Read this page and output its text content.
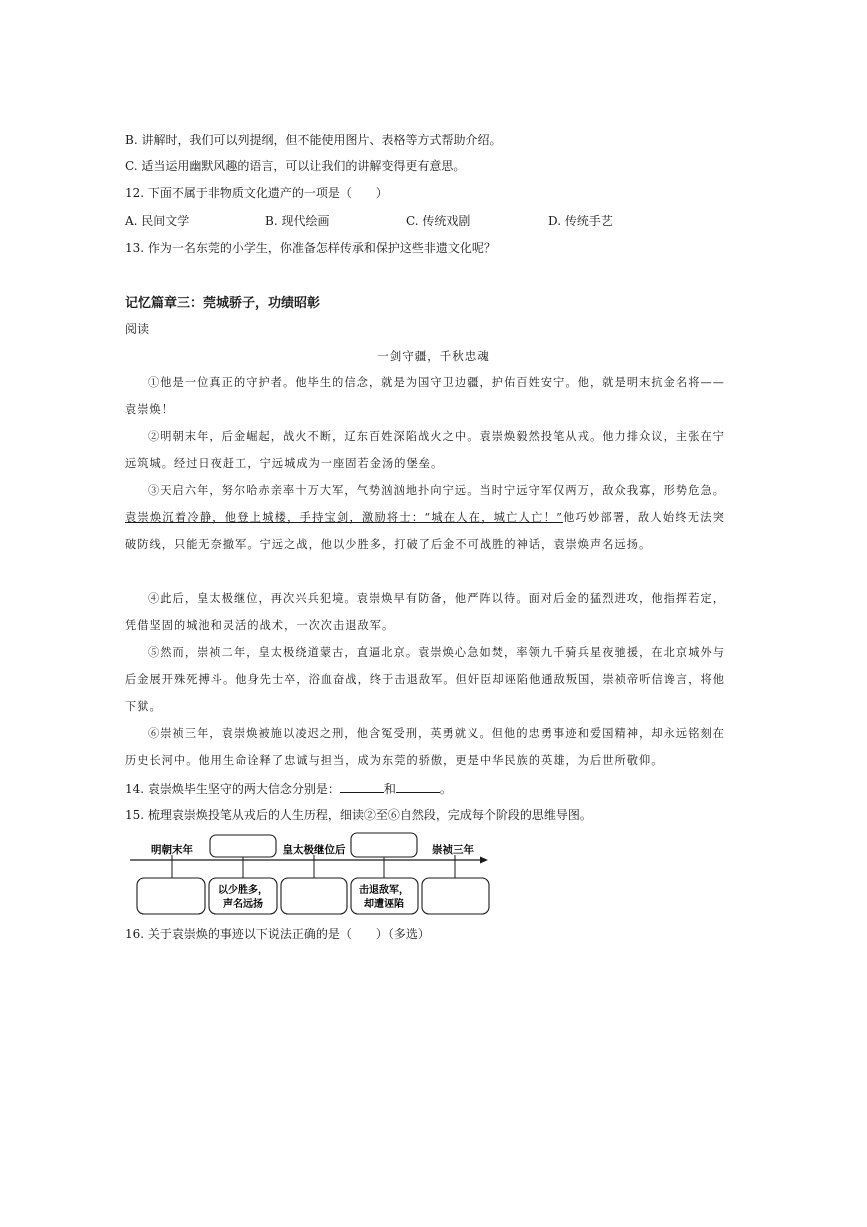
B. 讲解时，我们可以列提纲，但不能使用图片、表格等方式帮助介绍。
C. 适当运用幽默风趣的语言，可以让我们的讲解变得更有意思。
12. 下面不属于非物质文化遗产的一项是（　　）
A. 民间文学	B. 现代绘画	C. 传统戏剧	D. 传统手艺
13. 作为一名东莞的小学生，你准备怎样传承和保护这些非遗文化呢？
记忆篇章三：莞城骄子，功绩昭彰
阅读
一剑守疆，千秋忠魂
①他是一位真正的守护者。他毕生的信念，就是为国守卫边疆，护佑百姓安宁。他，就是明末抗金名将——袁崇焕！
②明朝末年，后金崛起，战火不断，辽东百姓深陷战火之中。袁崇焕毅然投笔从戎。他力排众议，主张在宁远筑城。经过日夜赶工，宁远城成为一座固若金汤的堡垒。
③天启六年，努尔哈赤亲率十万大军，气势汹汹地扑向宁远。当时宁远守军仅两万，敌众我寡，形势危急。袁崇焕沉着冷静，他登上城楼，手持宝剑，激励将士：“城在人在，城亡人亡！”他巧妙部署，敌人始终无法突破防线，只能无奈撤军。宁远之战，他以少胜多，打破了后金不可战胜的神话，袁崇焕声名远扬。
④此后，皇太极继位，再次兴兵犯境。袁崇焕早有防备，他严阵以待。面对后金的猛烈进攻，他指挥若定，凭借坚固的城池和灵活的战术，一次次击退敌军。
⑤然而，崇祯二年，皇太极绕道蒙古，直逼北京。袁崇焕心急如焚，率领九千骑兵星夜驰援，在北京城外与后金展开殊死搏斗。他身先士卒，浴血奋战，终于击退敌军。但奸臣却诬陷他通敌叛国，崇祯帝听信谗言，将他下狱。
⑥崇祯三年，袁崇焕被施以凌迟之刑，他含冤受刑，英勇就义。但他的忠勇事迹和爱国精神，却永远铭刻在历史长河中。他用生命诠释了忠诚与担当，成为东莞的骄傲，更是中华民族的英雄，为后世所敬仰。
14. 袁崇焕毕生坚守的两大信念分别是：	和	。
15. 梳理袁崇焕投笔从戎后的人生历程，细读②至⑥自然段，完成每个阶段的思维导图。
明朝末年	皇太极继位后	崇祯三年
以少胜多，
声名远扬
击退敌军，
却遭诬陷
16. 关于袁崇焕的事迹以下说法正确的是（　　）（多选）
